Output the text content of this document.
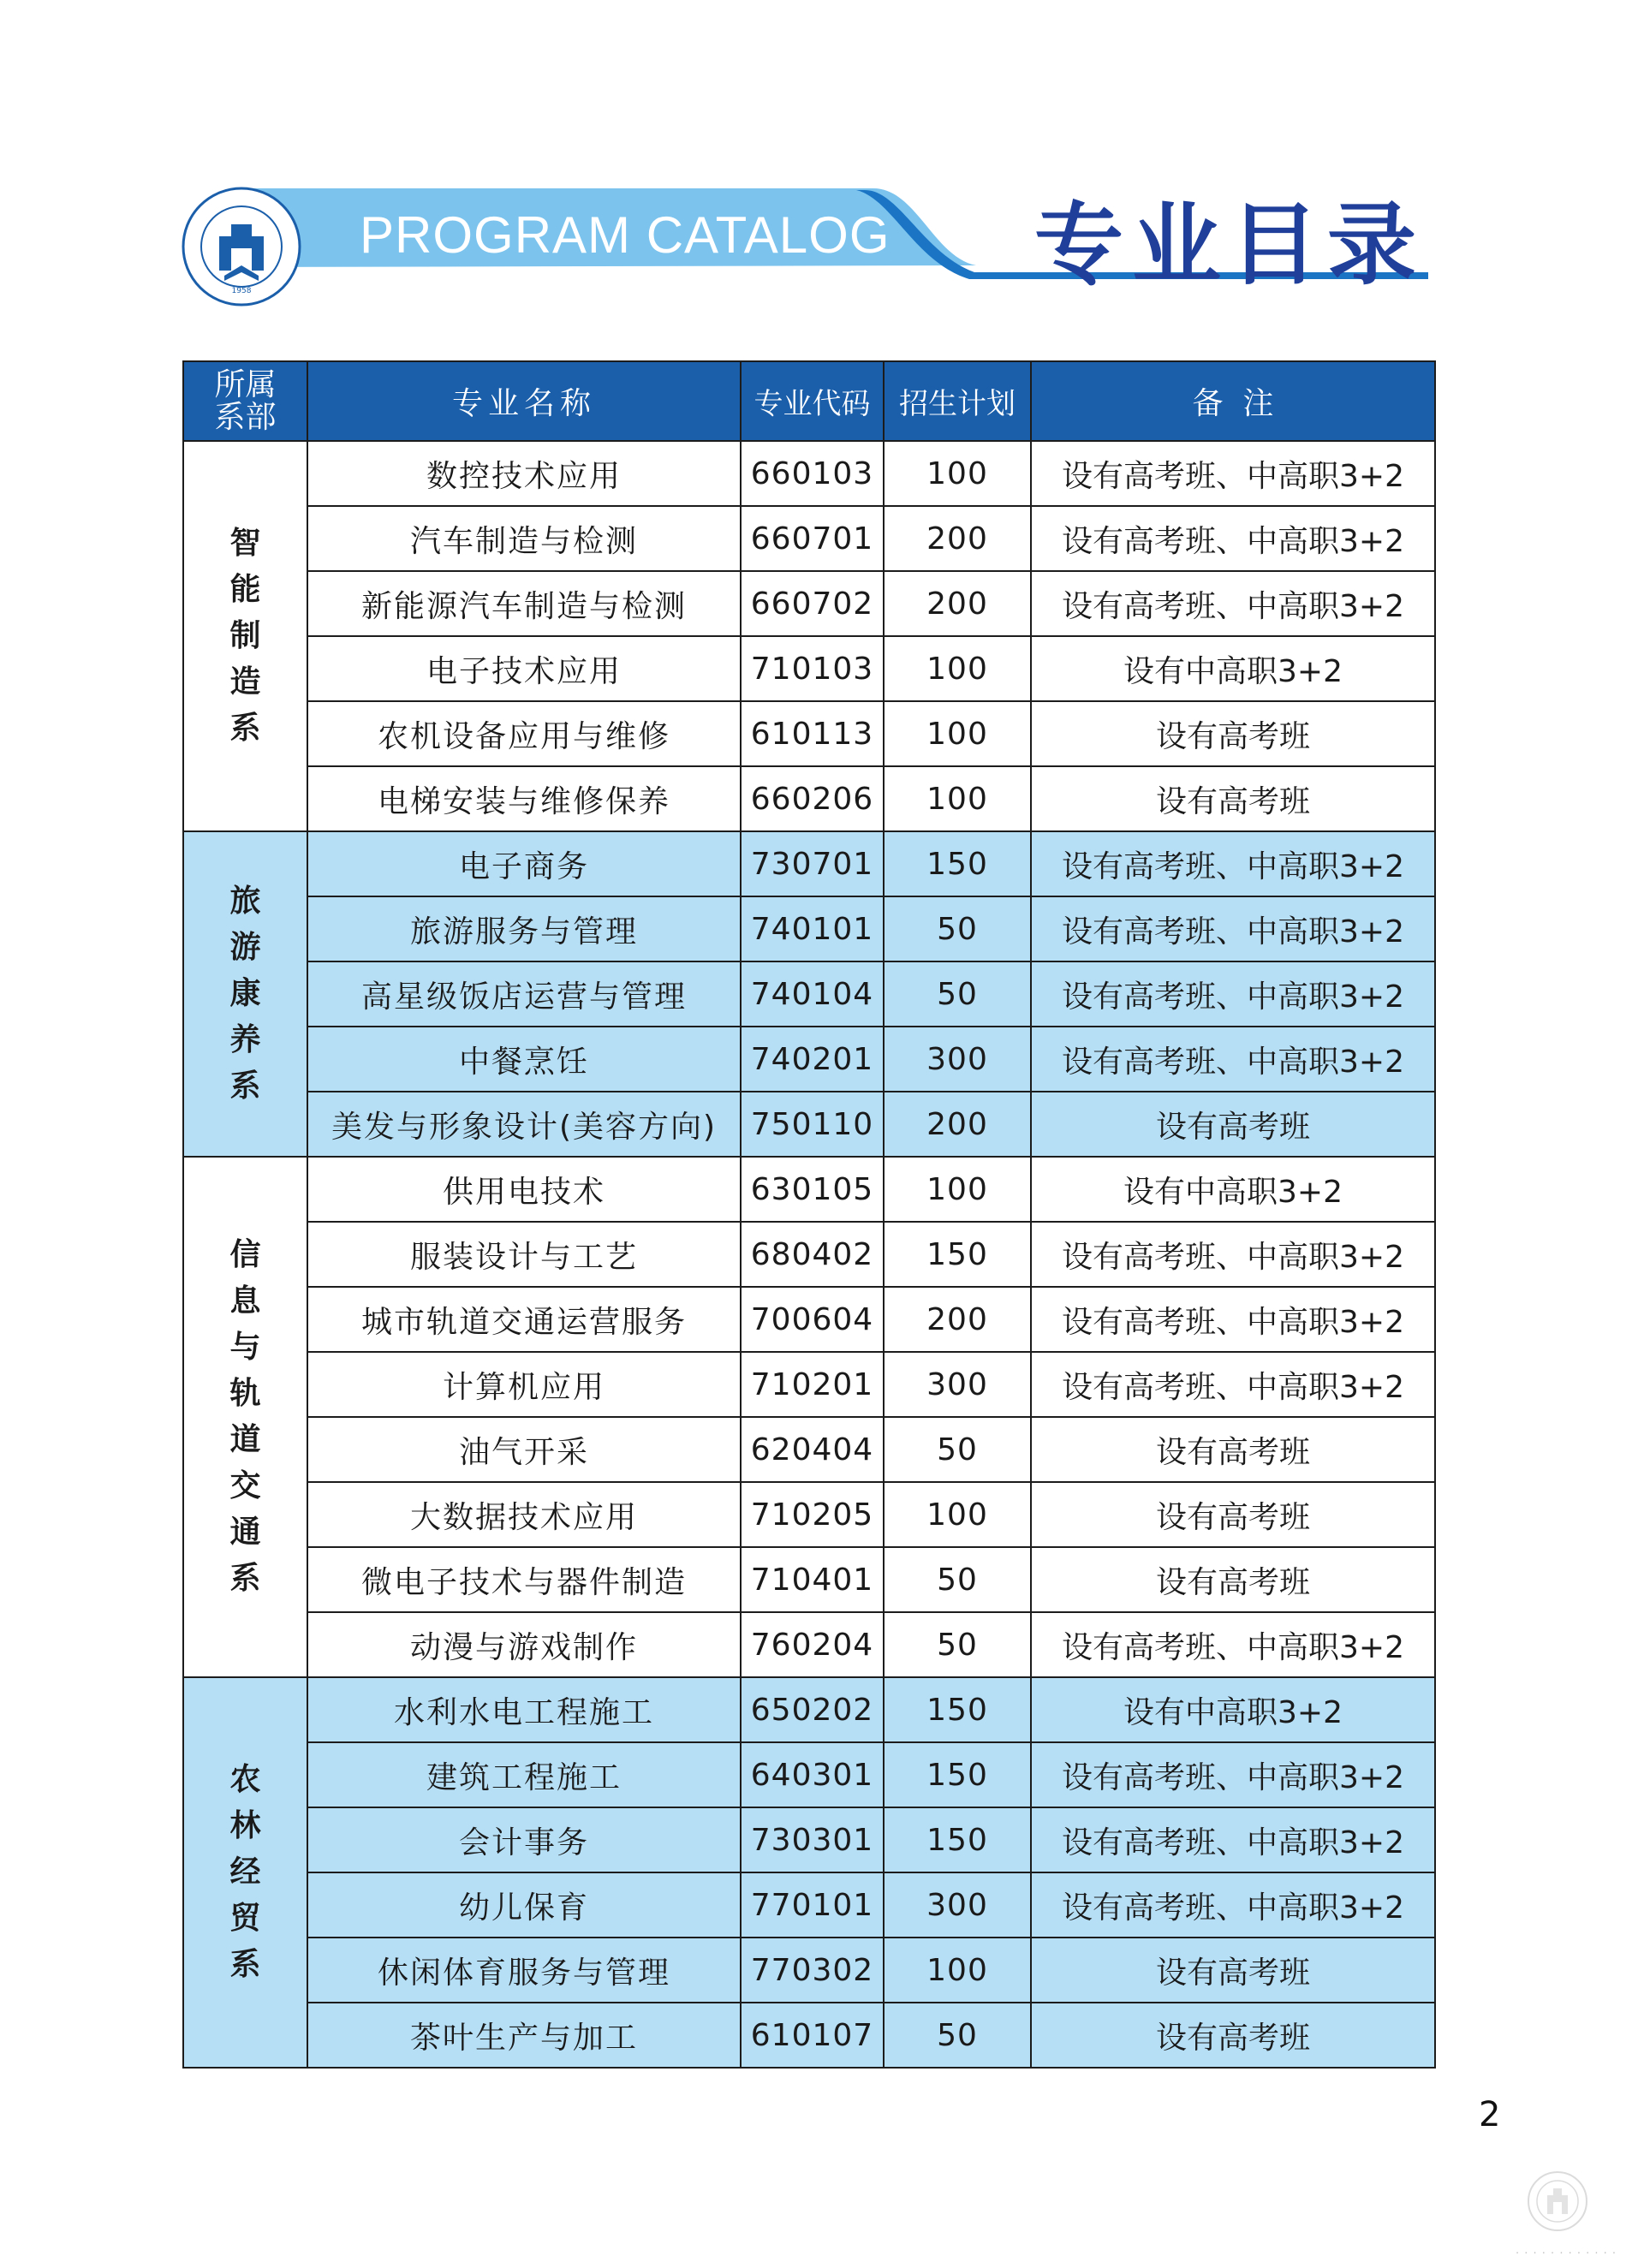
1958
PROGRAM CATALOG 专业目录
所属系部	专业名称	专业代码	招生计划	备  注
智能制造系	数控技术应用	660103	100	设有高考班、中高职3+2
	汽车制造与检测	660701	200	设有高考班、中高职3+2
	新能源汽车制造与检测	660702	200	设有高考班、中高职3+2
	电子技术应用	710103	100	设有中高职3+2
	农机设备应用与维修	610113	100	设有高考班
	电梯安装与维修保养	660206	100	设有高考班
旅游康养系	电子商务	730701	150	设有高考班、中高职3+2
	旅游服务与管理	740101	50	设有高考班、中高职3+2
	高星级饭店运营与管理	740104	50	设有高考班、中高职3+2
	中餐烹饪	740201	300	设有高考班、中高职3+2
	美发与形象设计(美容方向)	750110	200	设有高考班
信息与轨道交通系	供用电技术	630105	100	设有中高职3+2
	服装设计与工艺	680402	150	设有高考班、中高职3+2
	城市轨道交通运营服务	700604	200	设有高考班、中高职3+2
	计算机应用	710201	300	设有高考班、中高职3+2
	油气开采	620404	50	设有高考班
	大数据技术应用	710205	100	设有高考班
	微电子技术与器件制造	710401	50	设有高考班
	动漫与游戏制作	760204	50	设有高考班、中高职3+2
农林经贸系	水利水电工程施工	650202	150	设有中高职3+2
	建筑工程施工	640301	150	设有高考班、中高职3+2
	会计事务	730301	150	设有高考班、中高职3+2
	幼儿保育	770101	300	设有高考班、中高职3+2
	休闲体育服务与管理	770302	100	设有高考班
	茶叶生产与加工	610107	50	设有高考班
2
· · · · · · · · · · · ·
